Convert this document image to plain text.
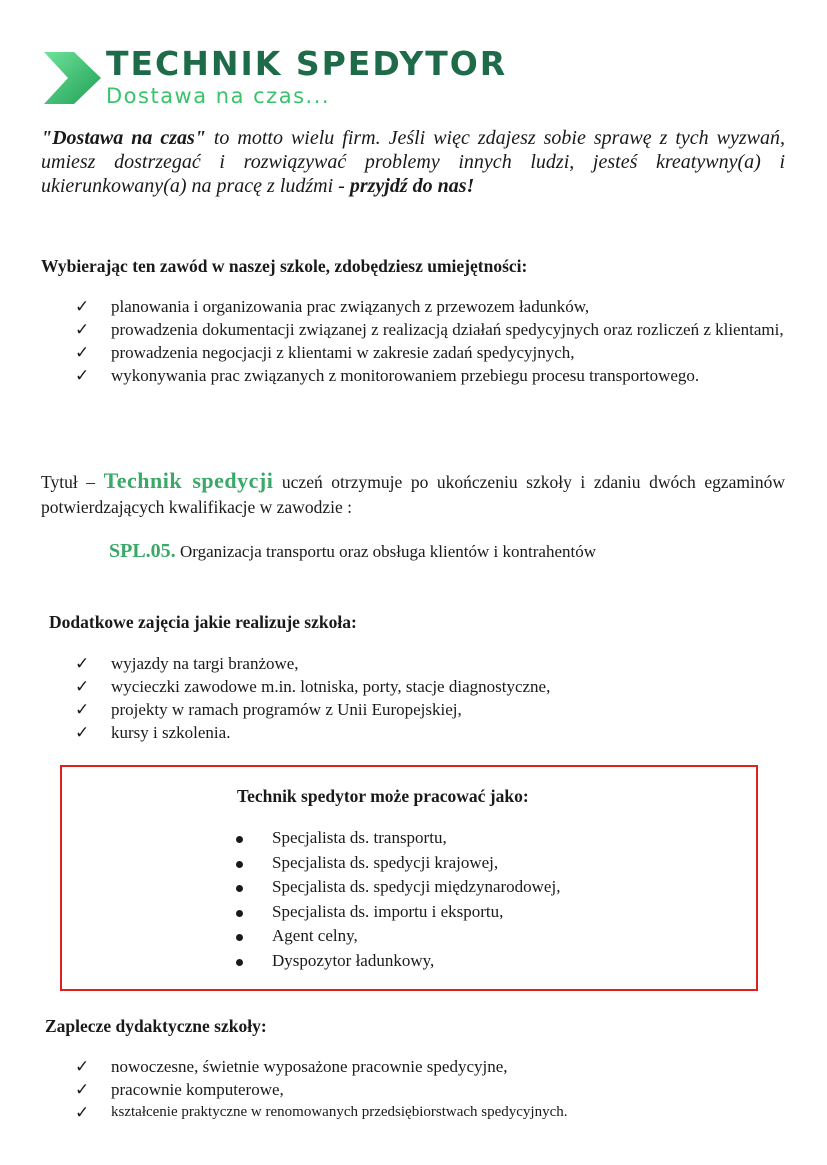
TECHNIK SPEDYTOR
Dostawa na czas...
"Dostawa na czas" to motto wielu firm. Jeśli więc zdajesz sobie sprawę z tych wyzwań, umiesz dostrzegać i rozwiązywać problemy innych ludzi, jesteś kreatywny(a) i ukierunkowany(a) na pracę z ludźmi - przyjdź do nas!
Wybierając ten zawód w naszej szkole, zdobędziesz umiejętności:
✓ planowania i organizowania prac związanych z przewozem ładunków,
✓ prowadzenia dokumentacji związanej z realizacją działań spedycyjnych oraz rozliczeń z klientami,
✓ prowadzenia negocjacji z klientami w zakresie zadań spedycyjnych,
✓ wykonywania prac związanych z monitorowaniem przebiegu procesu transportowego.
Tytuł – Technik spedycji uczeń otrzymuje po ukończeniu szkoły i zdaniu dwóch egzaminów potwierdzających kwalifikacje w zawodzie :
SPL.05. Organizacja transportu oraz obsługa klientów i kontrahentów
Dodatkowe zajęcia jakie realizuje szkoła:
✓ wyjazdy na targi branżowe,
✓ wycieczki zawodowe m.in. lotniska, porty, stacje diagnostyczne,
✓ projekty w ramach programów z Unii Europejskiej,
✓ kursy i szkolenia.
Technik spedytor może pracować jako:
Specjalista ds. transportu,
Specjalista ds. spedycji krajowej,
Specjalista ds. spedycji międzynarodowej,
Specjalista ds. importu i eksportu,
Agent celny,
Dyspozytor ładunkowy,
Zaplecze dydaktyczne szkoły:
✓ nowoczesne, świetnie wyposażone pracownie spedycyjne,
✓ pracownie komputerowe,
✓ kształcenie praktyczne w renomowanych przedsiębiorstwach spedycyjnych.
